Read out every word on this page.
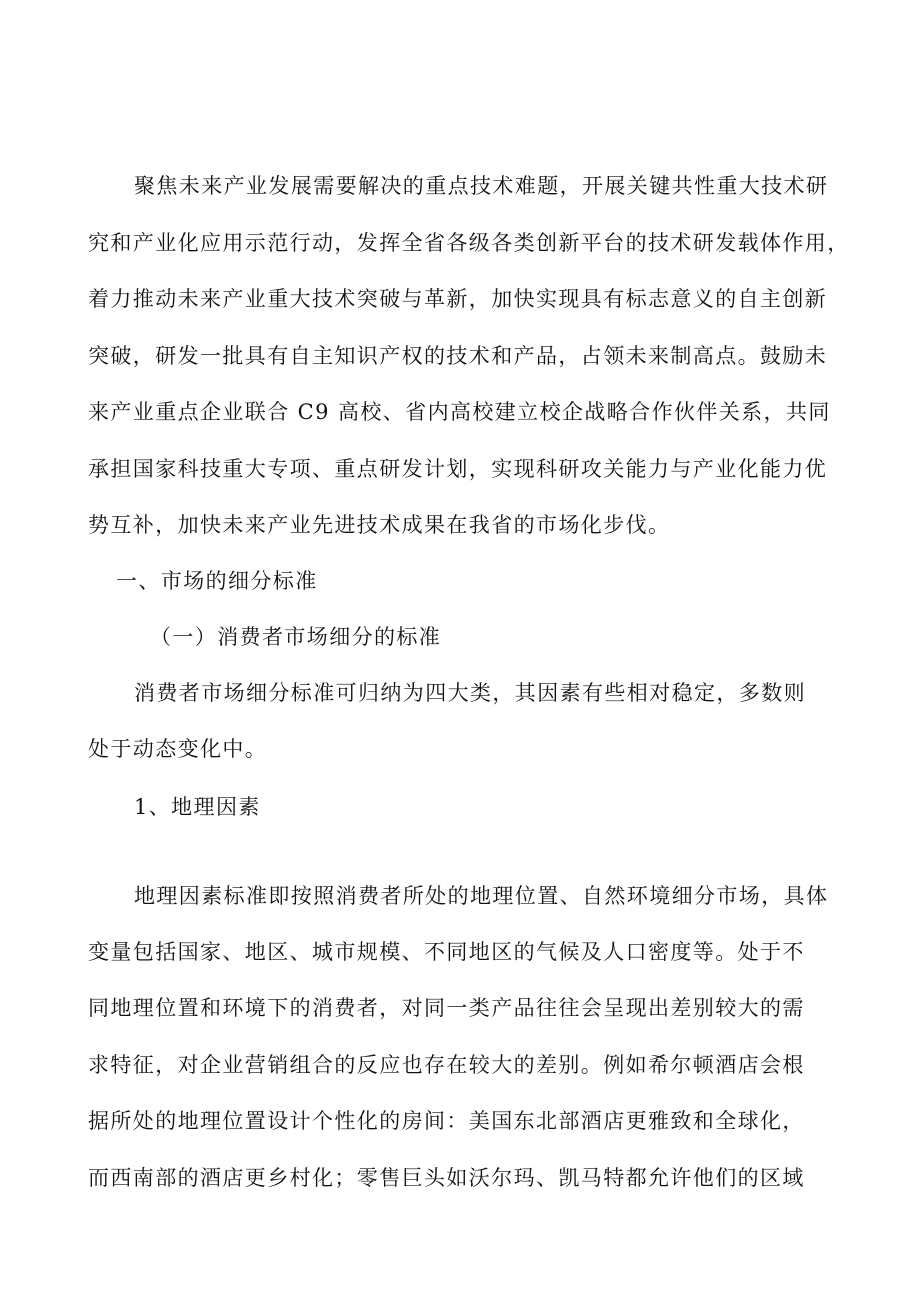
聚焦未来产业发展需要解决的重点技术难题，开展关键共性重大技术研
究和产业化应用示范行动，发挥全省各级各类创新平台的技术研发载体作用，
着力推动未来产业重大技术突破与革新，加快实现具有标志意义的自主创新
突破，研发一批具有自主知识产权的技术和产品，占领未来制高点。鼓励未
来产业重点企业联合 C9 高校、省内高校建立校企战略合作伙伴关系，共同
承担国家科技重大专项、重点研发计划，实现科研攻关能力与产业化能力优
势互补，加快未来产业先进技术成果在我省的市场化步伐。
一、市场的细分标准
（一）消费者市场细分的标准
消费者市场细分标准可归纳为四大类，其因素有些相对稳定，多数则
处于动态变化中。
1、地理因素
地理因素标准即按照消费者所处的地理位置、自然环境细分市场，具体
变量包括国家、地区、城市规模、不同地区的气候及人口密度等。处于不
同地理位置和环境下的消费者，对同一类产品往往会呈现出差别较大的需
求特征，对企业营销组合的反应也存在较大的差别。例如希尔顿酒店会根
据所处的地理位置设计个性化的房间：美国东北部酒店更雅致和全球化，
而西南部的酒店更乡村化；零售巨头如沃尔玛、凯马特都允许他们的区域
